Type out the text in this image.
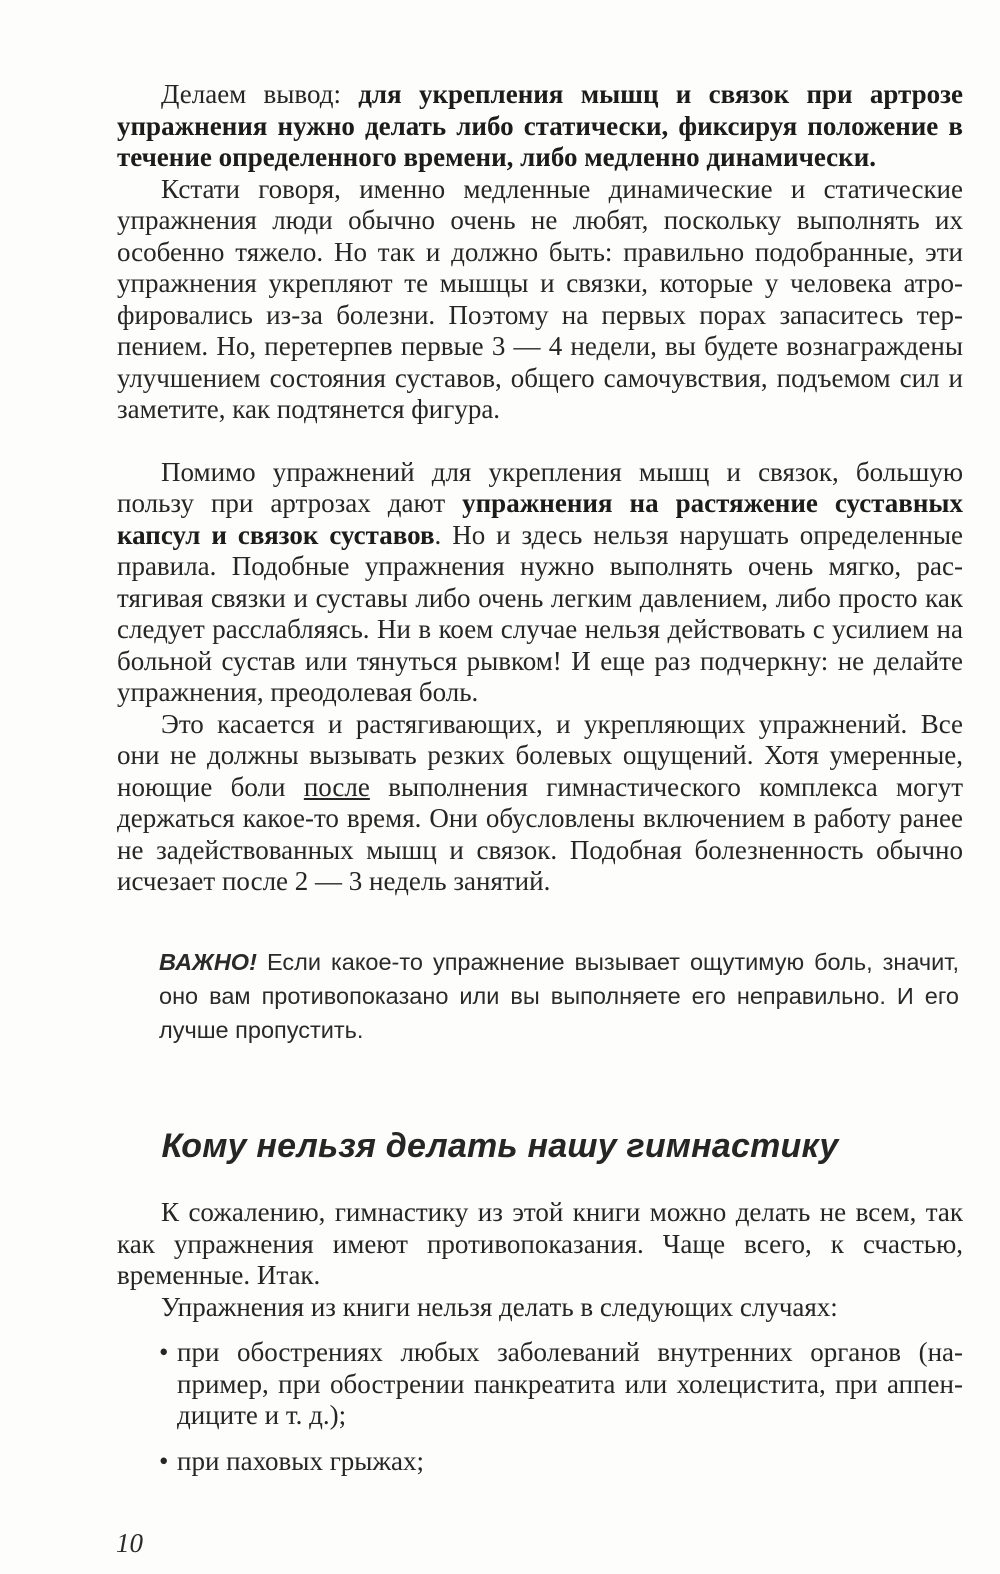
Делаем вывод: для укрепления мышц и связок при артрозе упражнения нужно делать либо статически, фиксируя положение в течение определенного времени, либо медленно динамически.

Кстати говоря, именно медленные динамические и статические упражнения люди обычно очень не любят, поскольку выполнять их особенно тяжело. Но так и должно быть: правильно подобранные, эти упражнения укрепляют те мышцы и связки, которые у человека атрофировались из-за болезни. Поэтому на первых порах запаситесь терпением. Но, перетерпев первые 3 — 4 недели, вы будете вознаграждены улучшением состояния суставов, общего самочувствия, подъемом сил и заметите, как подтянется фигура.

Помимо упражнений для укрепления мышц и связок, большую пользу при артрозах дают упражнения на растяжение суставных капсул и связок суставов. Но и здесь нельзя нарушать определенные правила. Подобные упражнения нужно выполнять очень мягко, растягивая связки и суставы либо очень легким давлением, либо просто как следует расслабляясь. Ни в коем случае нельзя действовать с усилием на больной сустав или тянуться рывком! И еще раз подчеркну: не делайте упражнения, преодолевая боль.

Это касается и растягивающих, и укрепляющих упражнений. Все они не должны вызывать резких болевых ощущений. Хотя умеренные, ноющие боли после выполнения гимнастического комплекса могут держаться какое-то время. Они обусловлены включением в работу ранее не задействованных мышц и связок. Подобная болезненность обычно исчезает после 2 — 3 недель занятий.

ВАЖНО! Если какое-то упражнение вызывает ощутимую боль, значит, оно вам противопоказано или вы выполняете его неправильно. И его лучше пропустить.
Кому нельзя делать нашу гимнастику

К сожалению, гимнастику из этой книги можно делать не всем, так как упражнения имеют противопоказания. Чаще всего, к счастью, временные. Итак.

Упражнения из книги нельзя делать в следующих случаях:

• при обострениях любых заболеваний внутренних органов (например, при обострении панкреатита или холецистита, при аппендиците и т. д.);

• при паховых грыжах;

10
